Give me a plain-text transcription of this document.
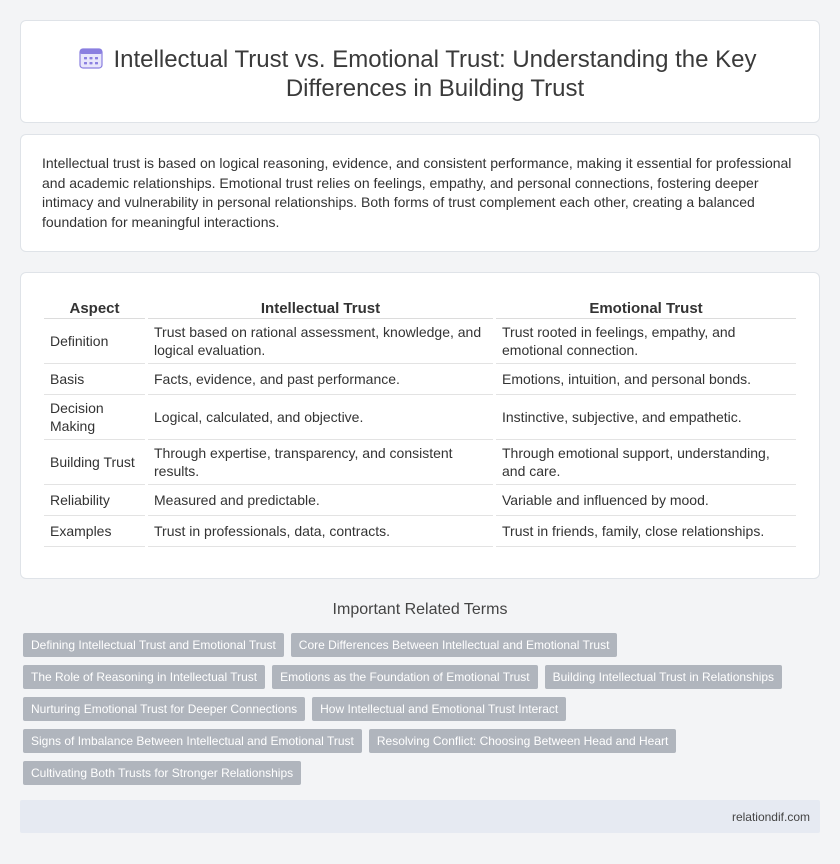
Intellectual Trust vs. Emotional Trust: Understanding the Key Differences in Building Trust

Intellectual trust is based on logical reasoning, evidence, and consistent performance, making it essential for professional and academic relationships. Emotional trust relies on feelings, empathy, and personal connections, fostering deeper intimacy and vulnerability in personal relationships. Both forms of trust complement each other, creating a balanced foundation for meaningful interactions.

Aspect	Intellectual Trust	Emotional Trust
Definition	Trust based on rational assessment, knowledge, and logical evaluation.	Trust rooted in feelings, empathy, and emotional connection.
Basis	Facts, evidence, and past performance.	Emotions, intuition, and personal bonds.
Decision Making	Logical, calculated, and objective.	Instinctive, subjective, and empathetic.
Building Trust	Through expertise, transparency, and consistent results.	Through emotional support, understanding, and care.
Reliability	Measured and predictable.	Variable and influenced by mood.
Examples	Trust in professionals, data, contracts.	Trust in friends, family, close relationships.
Important Related Terms
Defining Intellectual Trust and Emotional Trust	Core Differences Between Intellectual and Emotional Trust
The Role of Reasoning in Intellectual Trust	Emotions as the Foundation of Emotional Trust	Building Intellectual Trust in Relationships
Nurturing Emotional Trust for Deeper Connections	How Intellectual and Emotional Trust Interact
Signs of Imbalance Between Intellectual and Emotional Trust	Resolving Conflict: Choosing Between Head and Heart
Cultivating Both Trusts for Stronger Relationships
relationdif.com
